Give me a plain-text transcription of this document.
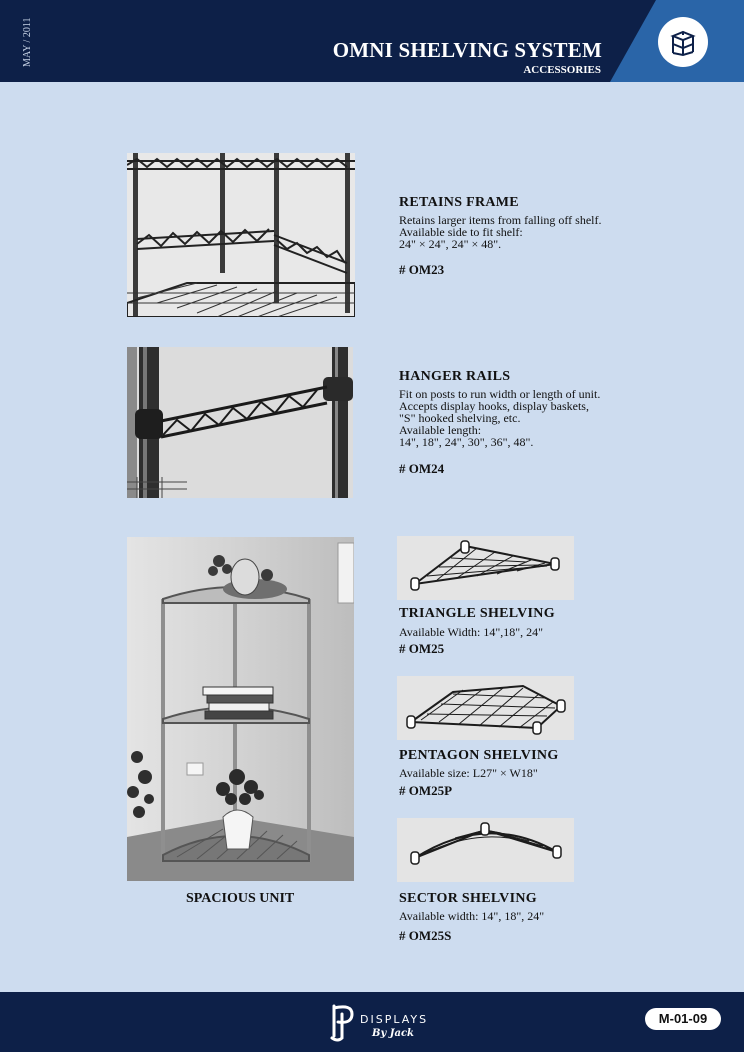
MAY / 2011	OMNI SHELVING SYSTEM
ACCESSORIES
RETAINS FRAME
Retains larger items from falling off shelf.
Available side to fit shelf:
24" × 24", 24" × 48".
# OM23
HANGER RAILS
Fit on posts to run width or length of unit.
Accepts display hooks, display baskets,
"S" hooked shelving, etc.
Available length:
14", 18", 24", 30", 36", 48".
# OM24
SPACIOUS UNIT
TRIANGLE SHELVING
Available Width: 14",18", 24"
# OM25
PENTAGON SHELVING
Available size: L27" × W18"
# OM25P
SECTOR SHELVING
Available width: 14", 18", 24"
# OM25S
DISPLAYS
By Jack
M-01-09
